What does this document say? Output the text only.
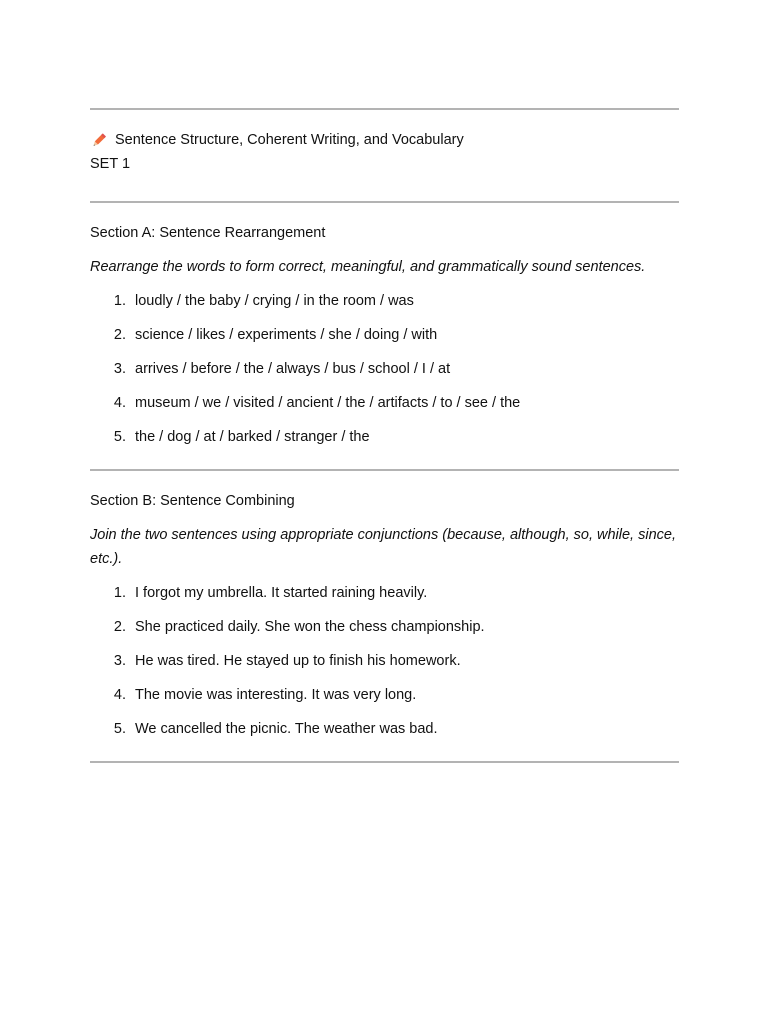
Sentence Structure, Coherent Writing, and Vocabulary
SET 1
Section A: Sentence Rearrangement
Rearrange the words to form correct, meaningful, and grammatically sound sentences.
1. loudly / the baby / crying / in the room / was
2. science / likes / experiments / she / doing / with
3. arrives / before / the / always / bus / school / I / at
4. museum / we / visited / ancient / the / artifacts / to / see / the
5. the / dog / at / barked / stranger / the
Section B: Sentence Combining
Join the two sentences using appropriate conjunctions (because, although, so, while, since, etc.).
1. I forgot my umbrella. It started raining heavily.
2. She practiced daily. She won the chess championship.
3. He was tired. He stayed up to finish his homework.
4. The movie was interesting. It was very long.
5. We cancelled the picnic. The weather was bad.
